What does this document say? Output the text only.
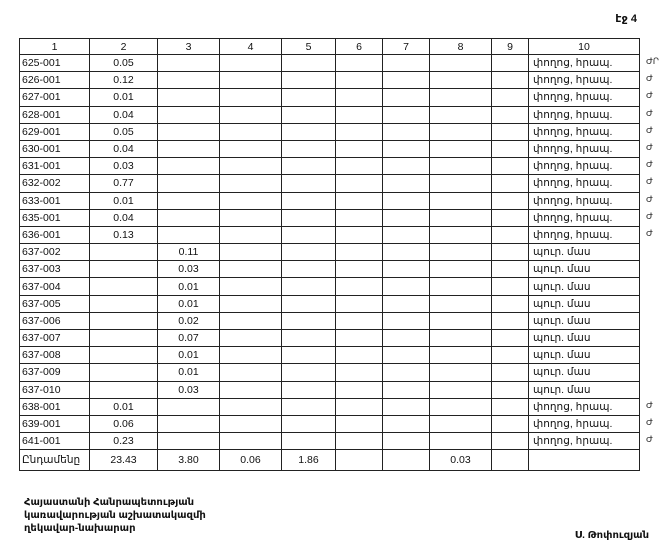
էջ 4
1	2	3	4	5	6	7	8	9	10
625-001	0.05								փողոց, հրապ.
626-001	0.12								փողոց, հրապ.
627-001	0.01								փողոց, հրապ.
628-001	0.04								փողոց, հրապ.
629-001	0.05								փողոց, հրապ.
630-001	0.04								փողոց, հրապ.
631-001	0.03								փողոց, հրապ.
632-002	0.77								փողոց, հրապ.
633-001	0.01								փողոց, հրապ.
635-001	0.04								փողոց, հրապ.
636-001	0.13								փողոց, հրապ.
637-002		0.11							պուր. մաս
637-003		0.03							պուր. մաս
637-004		0.01							պուր. մաս
637-005		0.01							պուր. մաս
637-006		0.02							պուր. մաս
637-007		0.07							պուր. մաս
637-008		0.01							պուր. մաս
637-009		0.01							պուր. մաս
637-010		0.03							պուր. մաս
638-001	0.01								փողոց, հրապ.
639-001	0.06								փողոց, հրապ.
641-001	0.23								փողոց, հրապ.
Ընդամենը	23.43	3.80	0.06	1.86			0.03		
ԺՐ
Ժ
Ժ
Ժ
Ժ
Ժ
Ժ
Ժ
Ժ
Ժ
Ժ
Ժ
Ժ
Ժ
Հայաստանի Հանրապետության
կառավարության աշխատակազմի
ղեկավար-նախարար
Ս. Թոփուզյան
